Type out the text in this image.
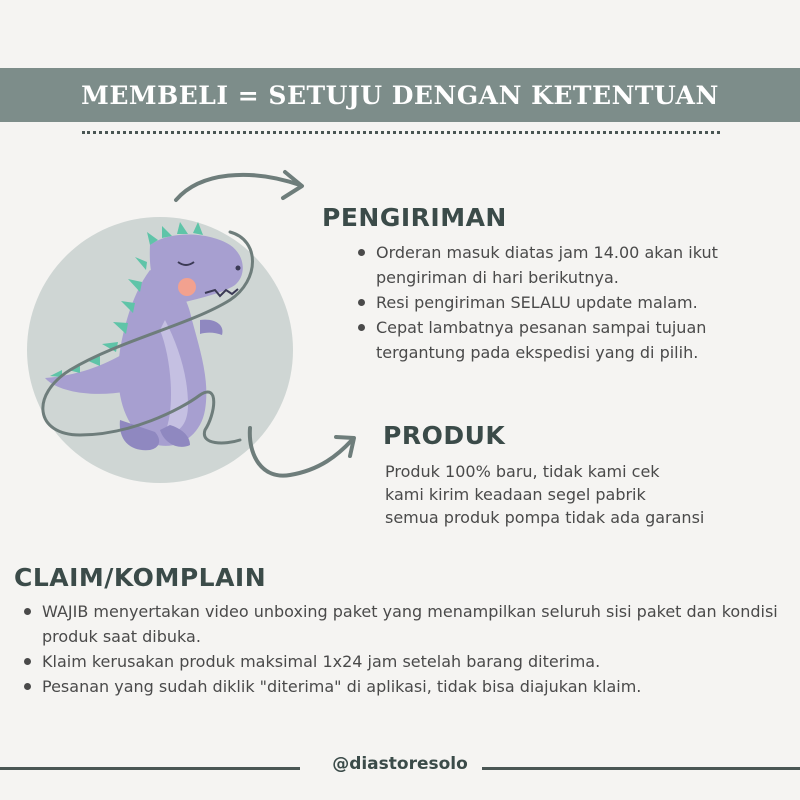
MEMBELI = SETUJU DENGAN KETENTUAN
PENGIRIMAN
Orderan masuk diatas jam 14.00 akan ikut pengiriman di hari berikutnya.
Resi pengiriman SELALU update malam.
Cepat lambatnya pesanan sampai tujuan tergantung pada ekspedisi yang di pilih.
PRODUK
Produk 100% baru, tidak kami cek
kami kirim keadaan segel pabrik
semua produk pompa tidak ada garansi
CLAIM/KOMPLAIN
WAJIB menyertakan video unboxing paket yang menampilkan seluruh sisi paket dan kondisi produk saat dibuka.
Klaim kerusakan produk maksimal 1x24 jam setelah barang diterima.
Pesanan yang sudah diklik "diterima" di aplikasi, tidak bisa diajukan klaim.
@diastoresolo
